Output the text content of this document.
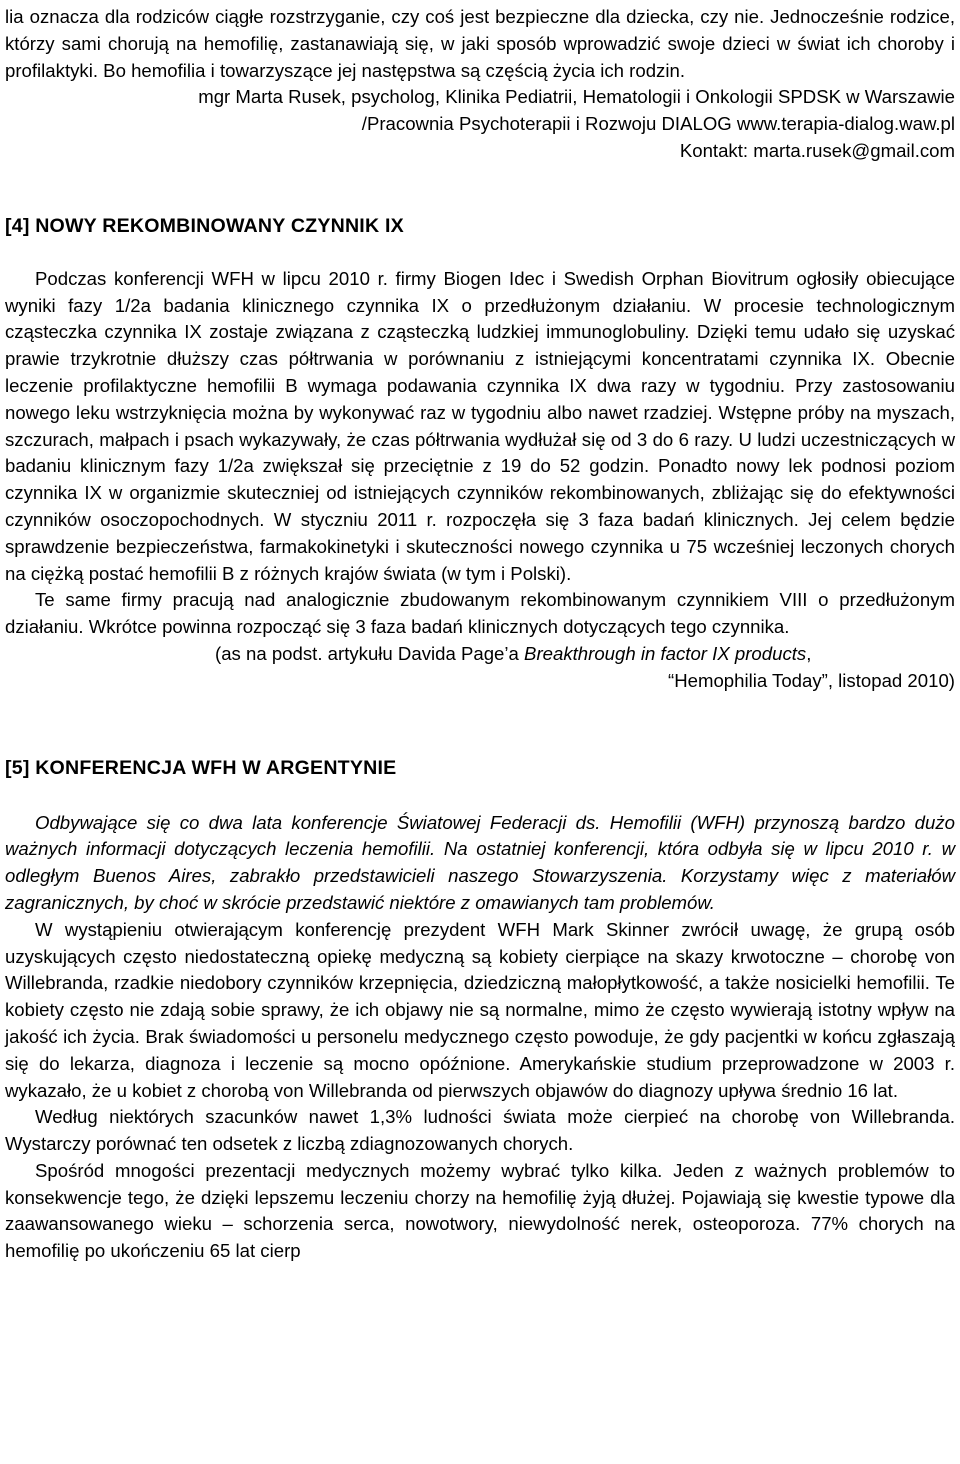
lia oznacza dla rodziców ciągłe rozstrzyganie, czy coś jest bezpieczne dla dziecka, czy nie. Jednocześnie rodzice, którzy sami chorują na hemofilię, zastanawiają się, w jaki sposób wprowadzić swoje dzieci w świat ich choroby i profilaktyki. Bo hemofilia i towarzyszące jej następstwa są częścią życia ich rodzin.

mgr Marta Rusek, psycholog, Klinika Pediatrii, Hematologii i Onkologii SPDSK w Warszawie

/Pracownia Psychoterapii i Rozwoju DIALOG www.terapia-dialog.waw.pl

Kontakt: marta.rusek@gmail.com

[4] NOWY REKOMBINOWANY CZYNNIK IX

Podczas konferencji WFH w lipcu 2010 r. firmy Biogen Idec i Swedish Orphan Biovitrum ogłosiły obiecujące wyniki fazy 1/2a badania klinicznego czynnika IX o przedłużonym działaniu. W procesie technologicznym cząsteczka czynnika IX zostaje związana z cząsteczką ludzkiej immunoglobuliny. Dzięki temu udało się uzyskać prawie trzykrotnie dłuższy czas półtrwania w porównaniu z istniejącymi koncentratami czynnika IX. Obecnie leczenie profilaktyczne hemofilii B wymaga podawania czynnika IX dwa razy w tygodniu. Przy zastosowaniu nowego leku wstrzyknięcia można by wykonywać raz w tygodniu albo nawet rzadziej. Wstępne próby na myszach, szczurach, małpach i psach wykazywały, że czas półtrwania wydłużał się od 3 do 6 razy. U ludzi uczestniczących w badaniu klinicznym fazy 1/2a zwiększał się przeciętnie z 19 do 52 godzin. Ponadto nowy lek podnosi poziom czynnika IX w organizmie skuteczniej od istniejących czynników rekombinowanych, zbliżając się do efektywności czynników osoczopochodnych. W styczniu 2011 r. rozpoczęła się 3 faza badań klinicznych. Jej celem będzie sprawdzenie bezpieczeństwa, farmakokinetyki i skuteczności nowego czynnika u 75 wcześniej leczonych chorych na ciężką postać hemofilii B z różnych krajów świata (w tym i Polski).

Te same firmy pracują nad analogicznie zbudowanym rekombinowanym czynnikiem VIII o przedłużonym działaniu. Wkrótce powinna rozpocząć się 3 faza badań klinicznych dotyczących tego czynnika.

(as na podst. artykułu Davida Page’a Breakthrough in factor IX products,

“Hemophilia Today”, listopad 2010)

[5] KONFERENCJA WFH W ARGENTYNIE

Odbywające się co dwa lata konferencje Światowej Federacji ds. Hemofilii (WFH) przynoszą bardzo dużo ważnych informacji dotyczących leczenia hemofilii. Na ostatniej konferencji, która odbyła się w lipcu 2010 r. w odległym Buenos Aires, zabrakło przedstawicieli naszego Stowarzyszenia. Korzystamy więc z materiałów zagranicznych, by choć w skrócie przedstawić niektóre z omawianych tam problemów.

W wystąpieniu otwierającym konferencję prezydent WFH Mark Skinner zwrócił uwagę, że grupą osób uzyskujących często niedostateczną opiekę medyczną są kobiety cierpiące na skazy krwotoczne – chorobę von Willebranda, rzadkie niedobory czynników krzepnięcia, dziedziczną małopłytkowość, a także nosicielki hemofilii. Te kobiety często nie zdają sobie sprawy, że ich objawy nie są normalne, mimo że często wywierają istotny wpływ na jakość ich życia. Brak świadomości u personelu medycznego często powoduje, że gdy pacjentki w końcu zgłaszają się do lekarza, diagnoza i leczenie są mocno opóźnione. Amerykańskie studium przeprowadzone w 2003 r. wykazało, że u kobiet z chorobą von Willebranda od pierwszych objawów do diagnozy upływa średnio 16 lat.

Według niektórych szacunków nawet 1,3% ludności świata może cierpieć na chorobę von Willebranda. Wystarczy porównać ten odsetek z liczbą zdiagnozowanych chorych.

Spośród mnogości prezentacji medycznych możemy wybrać tylko kilka. Jeden z ważnych problemów to konsekwencje tego, że dzięki lepszemu leczeniu chorzy na hemofilię żyją dłużej. Pojawiają się kwestie typowe dla zaawansowanego wieku – schorzenia serca, nowotwory, niewydolność nerek, osteoporoza. 77% chorych na hemofilię po ukończeniu 65 lat cierp
